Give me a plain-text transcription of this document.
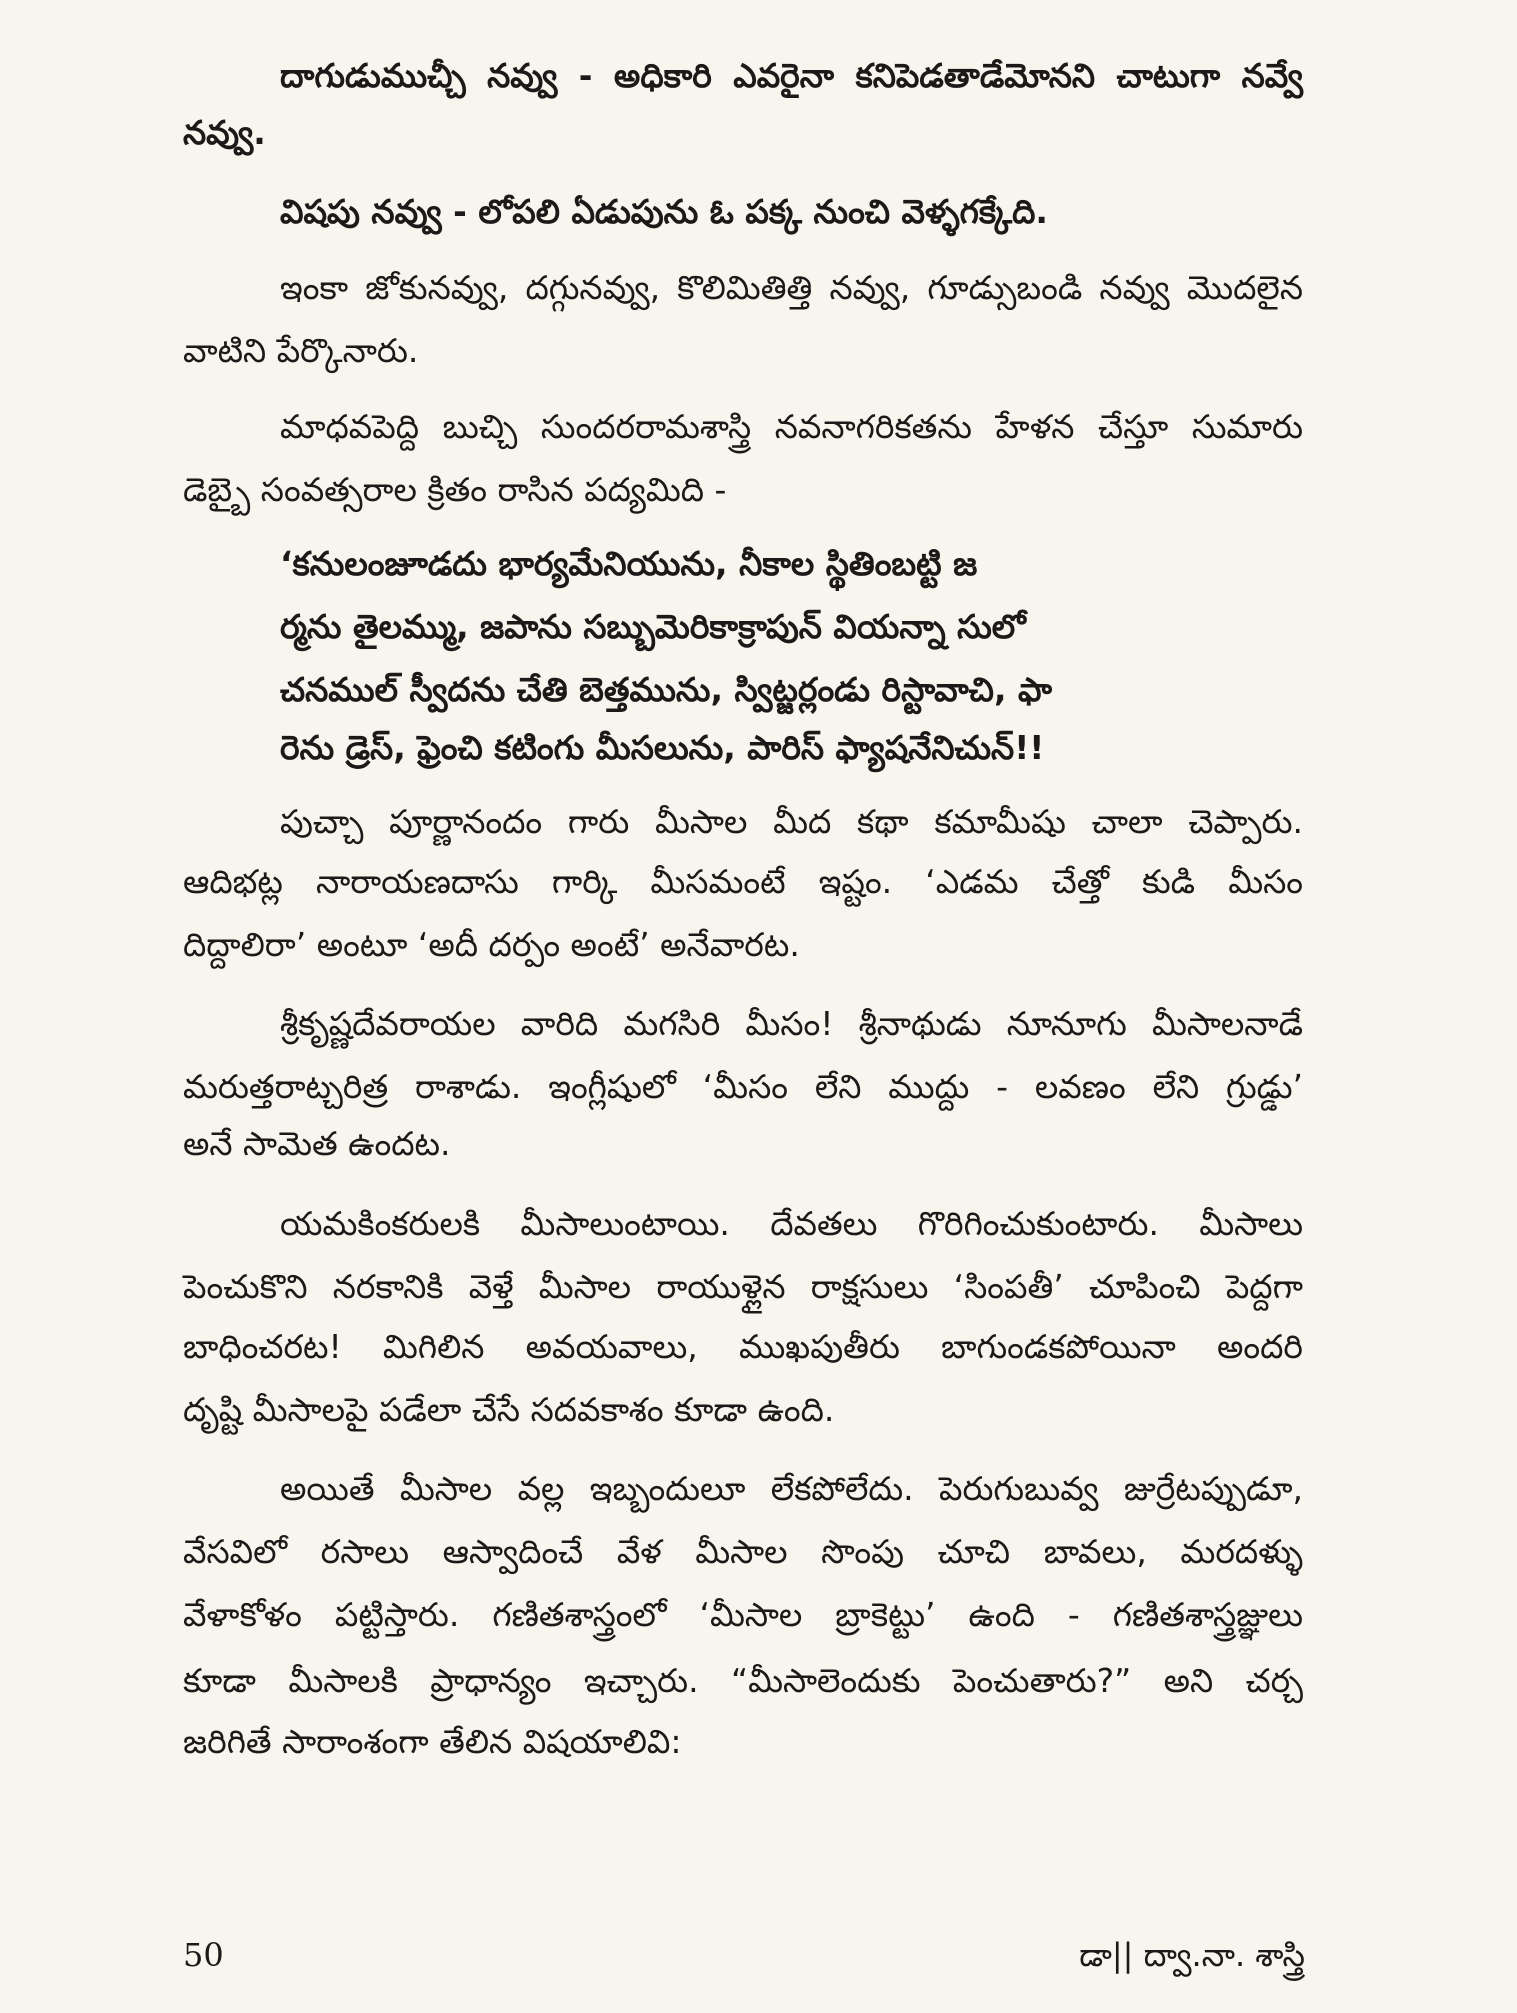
50	డా|| ద్వా.నా. శాస్త్రి
దాగుడుముచ్చీ నవ్వు - అధికారి ఎవరైనా కనిపెడతాడేమోనని చాటుగా నవ్వే
నవ్వు.
విషపు నవ్వు - లోపలి ఏడుపును ఓ పక్క నుంచి వెళ్ళగక్కేది.
ఇంకా జోకునవ్వు, దగ్గునవ్వు, కొలిమితిత్తి నవ్వు, గూడ్సుబండి నవ్వు మొదలైన
వాటిని పేర్కొనారు.
మాధవపెద్ది బుచ్చి సుందరరామశాస్త్రి నవనాగరికతను హేళన చేస్తూ సుమారు
డెబ్బై సంవత్సరాల క్రితం రాసిన పద్యమిది -
‘కనులంజూడదు భార్యమేనియును, నీకాల స్థితింబట్టి జ
ర్మను తైలమ్ము, జపాను సబ్బుమెరికాక్రాపున్ వియన్నా సులో
చనముల్ స్వీదను చేతి బెత్తమును, స్విట్జర్లండు రిస్టావాచి, ఫా
రెను డ్రెస్, ఫ్రెంచి కటింగు మీసలును, పారిస్ ఫ్యాషనేనిచున్!!
పుచ్చా పూర్ణానందం గారు మీసాల మీద కథా కమామీషు చాలా చెప్పారు.
ఆదిభట్ల నారాయణదాసు గార్కి మీసమంటే ఇష్టం. ‘ఎడమ చేత్తో కుడి మీసం
దిద్దాలిరా’ అంటూ ‘అదీ దర్పం అంటే’ అనేవారట.
శ్రీకృష్ణదేవరాయల వారిది మగసిరి మీసం! శ్రీనాథుడు నూనూగు మీసాలనాడే
మరుత్తరాట్చరిత్ర రాశాడు. ఇంగ్లీషులో ‘మీసం లేని ముద్దు - లవణం లేని గ్రుడ్డు’
అనే సామెత ఉందట.
యమకింకరులకి మీసాలుంటాయి. దేవతలు గొరిగించుకుంటారు. మీసాలు
పెంచుకొని నరకానికి వెళ్తే మీసాల రాయుళ్లైన రాక్షసులు ‘సింపతీ’ చూపించి పెద్దగా
బాధించరట! మిగిలిన అవయవాలు, ముఖపుతీరు బాగుండకపోయినా అందరి
దృష్టి మీసాలపై పడేలా చేసే సదవకాశం కూడా ఉంది.
అయితే మీసాల వల్ల ఇబ్బందులూ లేకపోలేదు. పెరుగుబువ్వ జుర్రేటప్పుడూ,
వేసవిలో రసాలు ఆస్వాదించే వేళ మీసాల సొంపు చూచి బావలు, మరదళ్ళు
వేళాకోళం పట్టిస్తారు. గణితశాస్త్రంలో ‘మీసాల బ్రాకెట్టు’ ఉంది - గణితశాస్త్రజ్ఞులు
కూడా మీసాలకి ప్రాధాన్యం ఇచ్చారు. “మీసాలెందుకు పెంచుతారు?” అని చర్చ
జరిగితే సారాంశంగా తేలిన విషయాలివి:
